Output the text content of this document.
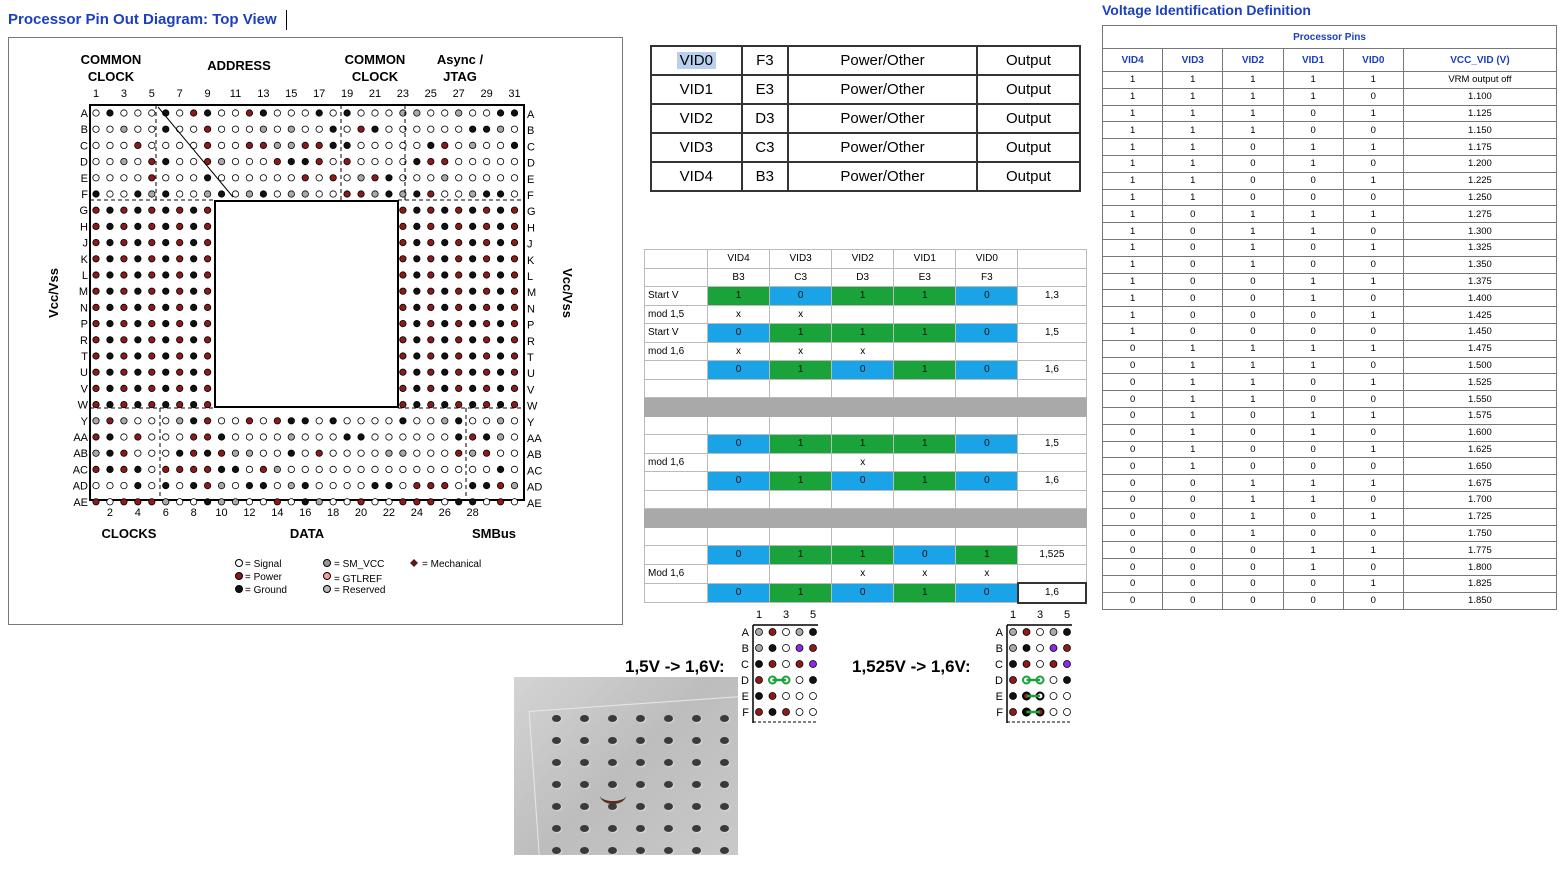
Processor Pin Out Diagram: Top View
COMMON
CLOCK
ADDRESS	COMMON
CLOCK
Async /
JTAG
1 3 5 7 9 11 13 15 17 19 21 23 25 27 29 31
2 4 6 8 10 12 14 16 18 20 22 24 26 28
A	A
B	B
C	C
D	D
E	E
F	F
G	G
H	H
J	J
K	K
L	L
M	M
N	N
P	P
R	R
T	T
U	U
V	V
W	W
Y	Y
AA	AA
AB	AB
AC	AC
AD	AD
AE	AE
Vcc/Vss	Vcc/Vss
CLOCKS	DATA	SMBus
= Signal
= Power
= Ground
= SM_VCC
= GTLREF
= Reserved
= Mechanical
VID0	F3	Power/Other	Output
VID1	E3	Power/Other	Output
VID2	D3	Power/Other	Output
VID3	C3	Power/Other	Output
VID4	B3	Power/Other	Output
	VID4	VID3	VID2	VID1	VID0	
	B3	C3	D3	E3	F3	
Start V	1	0	1	1	0	1,3
mod 1,5	x	x				
Start V	0	1	1	1	0	1,5
mod 1,6	x	x	x			
	0	1	0	1	0	1,6

	0	1	1	1	0	1,5
mod 1,6			x			
	0	1	0	1	0	1,6

	0	1	1	0	1	1,525
Mod 1,6			x	x	x	
	0	1	0	1	0	1,6
1,5V -> 1,6V:	1,525V -> 1,6V:
1 3 5
A
B
C
D
E
F
1 3 5
A
B
C
D
E
F
Voltage Identification Definition
Processor Pins					
VID4	VID3	VID2	VID1	VID0	VCC_VID (V)
1	1	1	1	1	VRM output off
1	1	1	1	0	1.100
1	1	1	0	1	1.125
1	1	1	0	0	1.150
1	1	0	1	1	1.175
1	1	0	1	0	1.200
1	1	0	0	1	1.225
1	1	0	0	0	1.250
1	0	1	1	1	1.275
1	0	1	1	0	1.300
1	0	1	0	1	1.325
1	0	1	0	0	1.350
1	0	0	1	1	1.375
1	0	0	1	0	1.400
1	0	0	0	1	1.425
1	0	0	0	0	1.450
0	1	1	1	1	1.475
0	1	1	1	0	1.500
0	1	1	0	1	1.525
0	1	1	0	0	1.550
0	1	0	1	1	1.575
0	1	0	1	0	1.600
0	1	0	0	1	1.625
0	1	0	0	0	1.650
0	0	1	1	1	1.675
0	0	1	1	0	1.700
0	0	1	0	1	1.725
0	0	1	0	0	1.750
0	0	0	1	1	1.775
0	0	0	1	0	1.800
0	0	0	0	1	1.825
0	0	0	0	0	1.850
